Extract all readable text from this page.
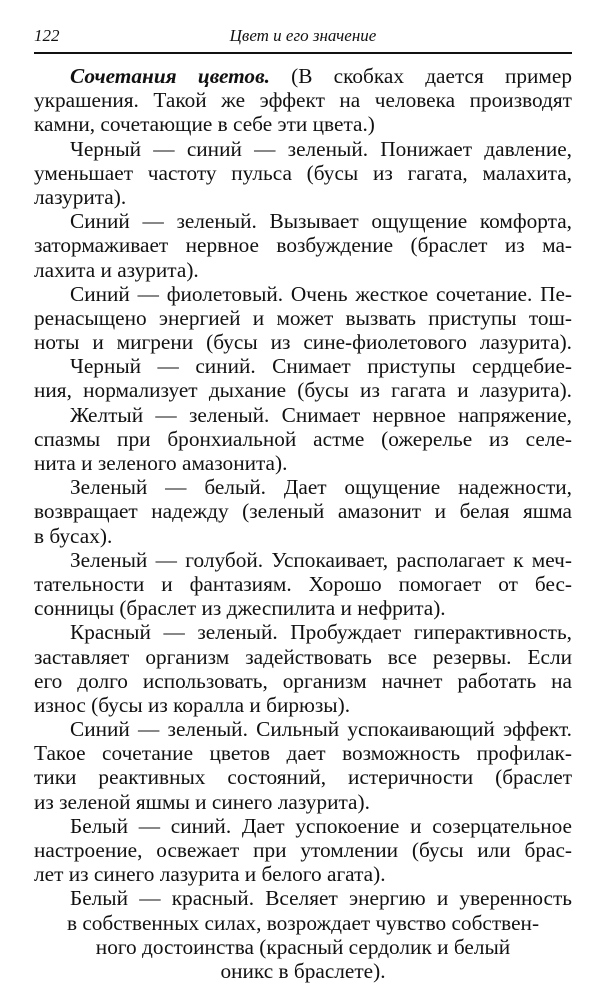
122	Цвет и его значение
Сочетания цветов. (В скобках дается пример
украшения. Такой же эффект на человека производят
камни, сочетающие в себе эти цвета.)
Черный — синий — зеленый. Понижает давление,
уменьшает частоту пульса (бусы из гагата, малахита,
лазурита).
Синий — зеленый. Вызывает ощущение комфорта,
затормаживает нервное возбуждение (браслет из ма-
лахита и азурита).
Синий — фиолетовый. Очень жесткое сочетание. Пе-
ренасыщено энергией и может вызвать приступы тош-
ноты и мигрени (бусы из сине-фиолетового лазурита).
Черный — синий. Снимает приступы сердцебие-
ния, нормализует дыхание (бусы из гагата и лазурита).
Желтый — зеленый. Снимает нервное напряжение,
спазмы при бронхиальной астме (ожерелье из селе-
нита и зеленого амазонита).
Зеленый — белый. Дает ощущение надежности,
возвращает надежду (зеленый амазонит и белая яшма
в бусах).
Зеленый — голубой. Успокаивает, располагает к меч-
тательности и фантазиям. Хорошо помогает от бес-
сонницы (браслет из джеспилита и нефрита).
Красный — зеленый. Пробуждает гиперактивность,
заставляет организм задействовать все резервы. Если
его долго использовать, организм начнет работать на
износ (бусы из коралла и бирюзы).
Синий — зеленый. Сильный успокаивающий эффект.
Такое сочетание цветов дает возможность профилак-
тики реактивных состояний, истеричности (браслет
из зеленой яшмы и синего лазурита).
Белый — синий. Дает успокоение и созерцательное
настроение, освежает при утомлении (бусы или брас-
лет из синего лазурита и белого агата).
Белый — красный. Вселяет энергию и уверенность
в собственных силах, возрождает чувство собствен-
ного достоинства (красный сердолик и белый
оникс в браслете).
